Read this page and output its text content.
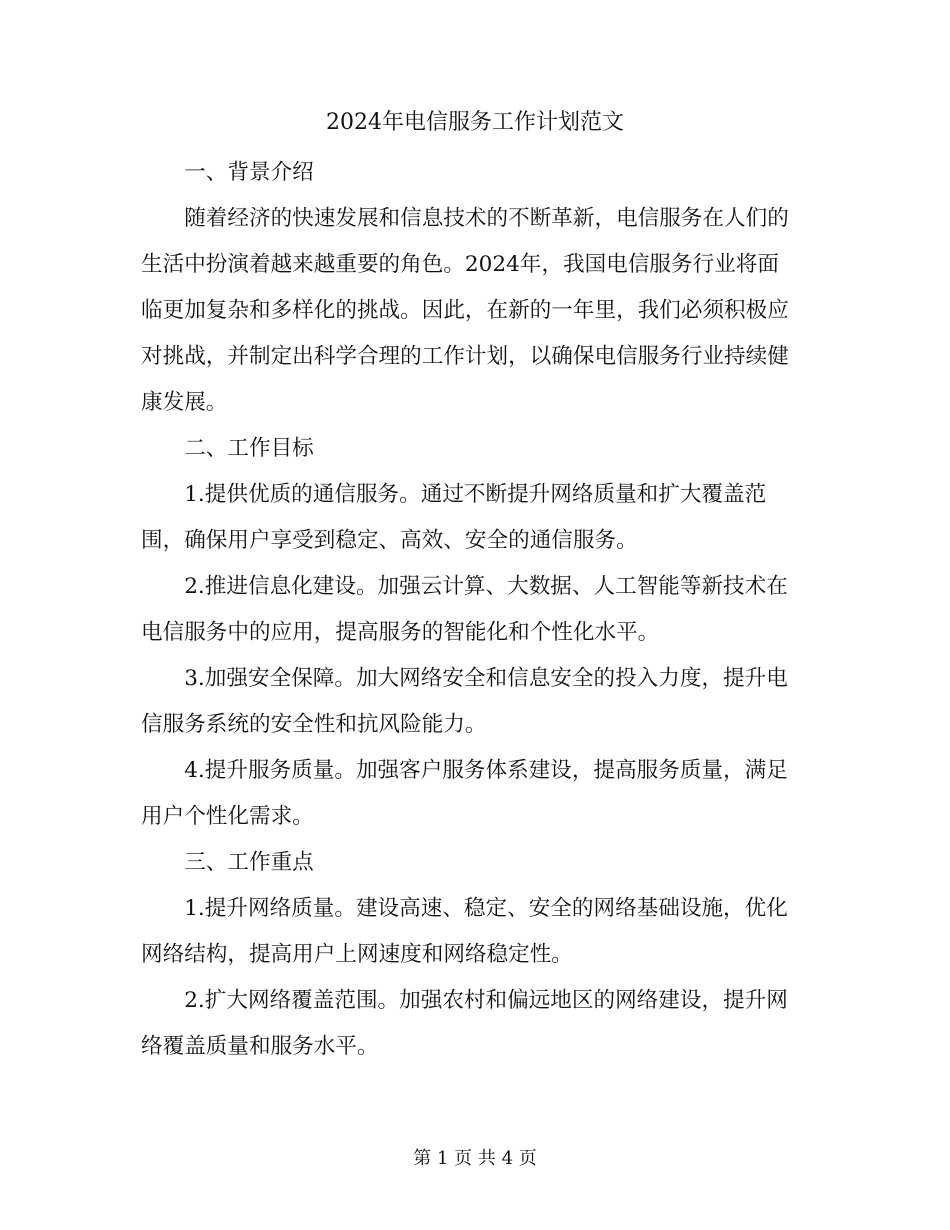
2024年电信服务工作计划范文

一、背景介绍

随着经济的快速发展和信息技术的不断革新，电信服务在人们的生活中扮演着越来越重要的角色。2024年，我国电信服务行业将面临更加复杂和多样化的挑战。因此，在新的一年里，我们必须积极应对挑战，并制定出科学合理的工作计划，以确保电信服务行业持续健康发展。

二、工作目标

1.提供优质的通信服务。通过不断提升网络质量和扩大覆盖范围，确保用户享受到稳定、高效、安全的通信服务。

2.推进信息化建设。加强云计算、大数据、人工智能等新技术在电信服务中的应用，提高服务的智能化和个性化水平。

3.加强安全保障。加大网络安全和信息安全的投入力度，提升电信服务系统的安全性和抗风险能力。

4.提升服务质量。加强客户服务体系建设，提高服务质量，满足用户个性化需求。

三、工作重点

1.提升网络质量。建设高速、稳定、安全的网络基础设施，优化网络结构，提高用户上网速度和网络稳定性。

2.扩大网络覆盖范围。加强农村和偏远地区的网络建设，提升网络覆盖质量和服务水平。

第 1 页 共 4 页
